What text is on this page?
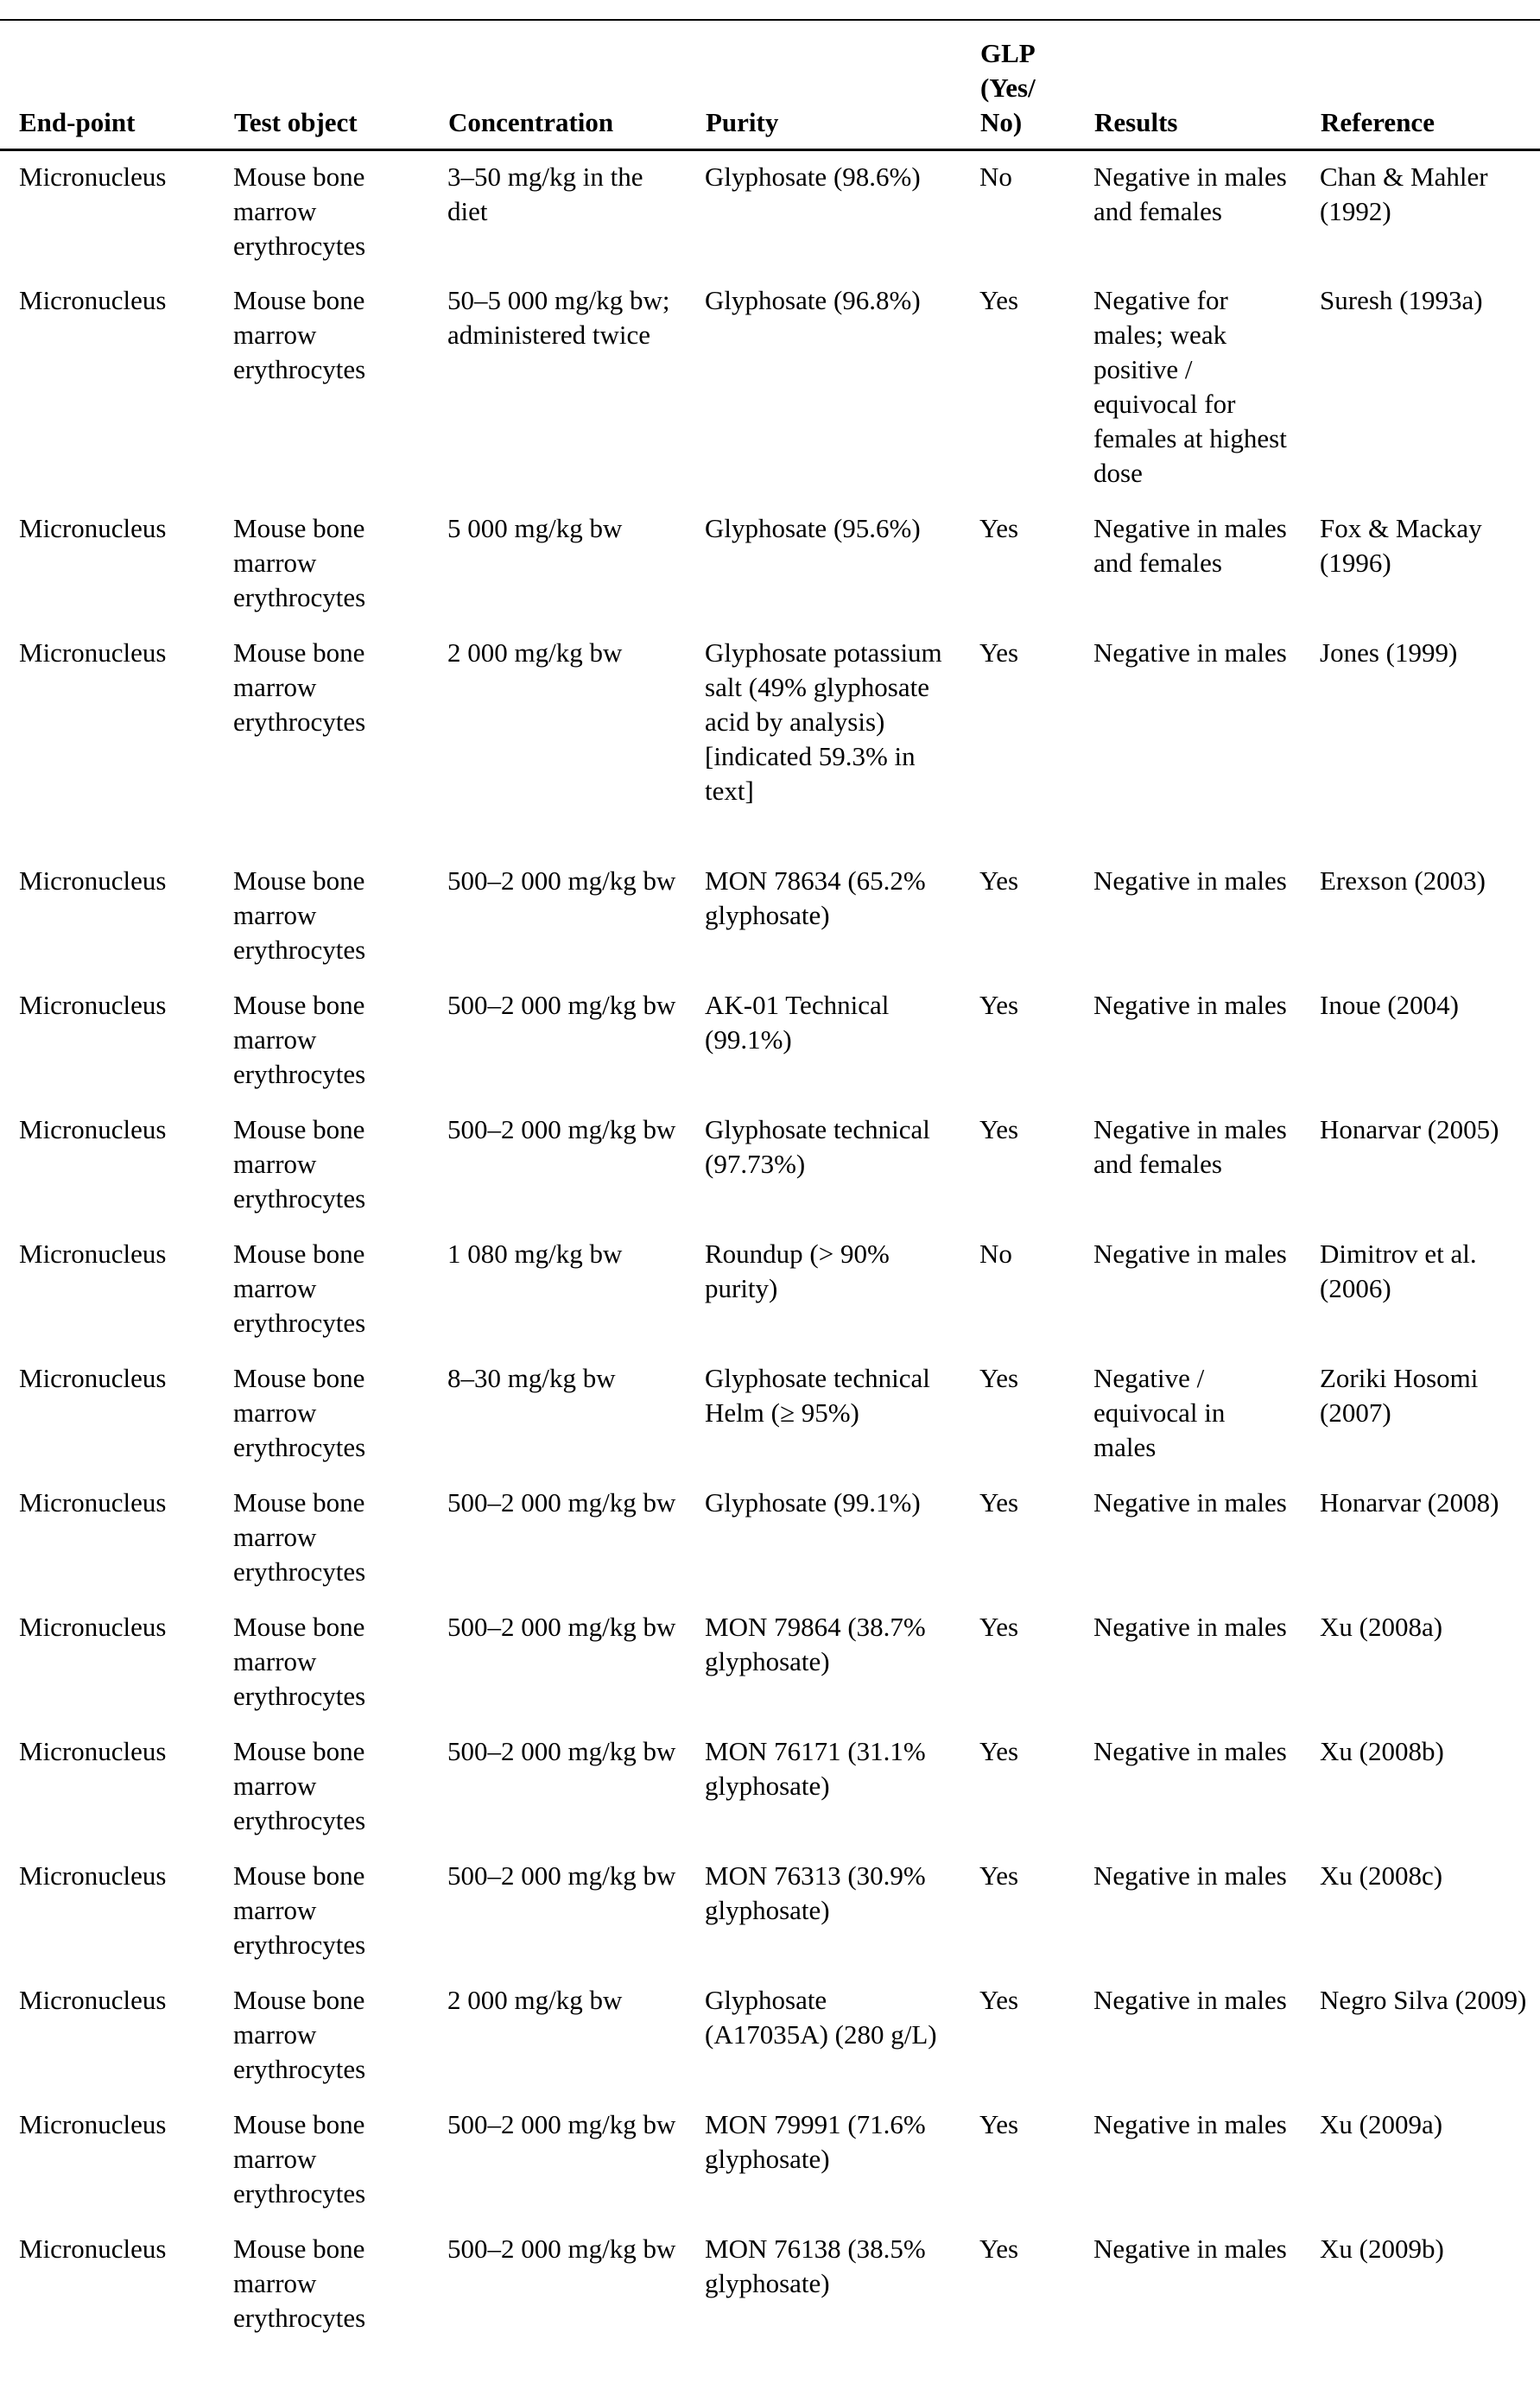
End-point	Test object	Concentration	Purity	GLP (Yes/ No)	Results	Reference
Micronucleus	Mouse bone marrow erythrocytes	3–50 mg/kg in the diet	Glyphosate (98.6%)	No	Negative in males and females	Chan & Mahler (1992)
Micronucleus	Mouse bone marrow erythrocytes	50–5 000 mg/kg bw; administered twice	Glyphosate (96.8%)	Yes	Negative for males; weak positive / equivocal for females at highest dose	Suresh (1993a)
Micronucleus	Mouse bone marrow erythrocytes	5 000 mg/kg bw	Glyphosate (95.6%)	Yes	Negative in males and females	Fox & Mackay (1996)
Micronucleus	Mouse bone marrow erythrocytes	2 000 mg/kg bw	Glyphosate potassium salt (49% glyphosate acid by analysis) [indicated 59.3% in text]	Yes	Negative in males	Jones (1999)
Micronucleus	Mouse bone marrow erythrocytes	500–2 000 mg/kg bw	MON 78634 (65.2% glyphosate)	Yes	Negative in males	Erexson (2003)
Micronucleus	Mouse bone marrow erythrocytes	500–2 000 mg/kg bw	AK-01 Technical (99.1%)	Yes	Negative in males	Inoue (2004)
Micronucleus	Mouse bone marrow erythrocytes	500–2 000 mg/kg bw	Glyphosate technical (97.73%)	Yes	Negative in males and females	Honarvar (2005)
Micronucleus	Mouse bone marrow erythrocytes	1 080 mg/kg bw	Roundup (> 90% purity)	No	Negative in males	Dimitrov et al. (2006)
Micronucleus	Mouse bone marrow erythrocytes	8–30 mg/kg bw	Glyphosate technical Helm (≥ 95%)	Yes	Negative / equivocal in males	Zoriki Hosomi (2007)
Micronucleus	Mouse bone marrow erythrocytes	500–2 000 mg/kg bw	Glyphosate (99.1%)	Yes	Negative in males	Honarvar (2008)
Micronucleus	Mouse bone marrow erythrocytes	500–2 000 mg/kg bw	MON 79864 (38.7% glyphosate)	Yes	Negative in males	Xu (2008a)
Micronucleus	Mouse bone marrow erythrocytes	500–2 000 mg/kg bw	MON 76171 (31.1% glyphosate)	Yes	Negative in males	Xu (2008b)
Micronucleus	Mouse bone marrow erythrocytes	500–2 000 mg/kg bw	MON 76313 (30.9% glyphosate)	Yes	Negative in males	Xu (2008c)
Micronucleus	Mouse bone marrow erythrocytes	2 000 mg/kg bw	Glyphosate (A17035A) (280 g/L)	Yes	Negative in males	Negro Silva (2009)
Micronucleus	Mouse bone marrow erythrocytes	500–2 000 mg/kg bw	MON 79991 (71.6% glyphosate)	Yes	Negative in males	Xu (2009a)
Micronucleus	Mouse bone marrow erythrocytes	500–2 000 mg/kg bw	MON 76138 (38.5% glyphosate)	Yes	Negative in males	Xu (2009b)
